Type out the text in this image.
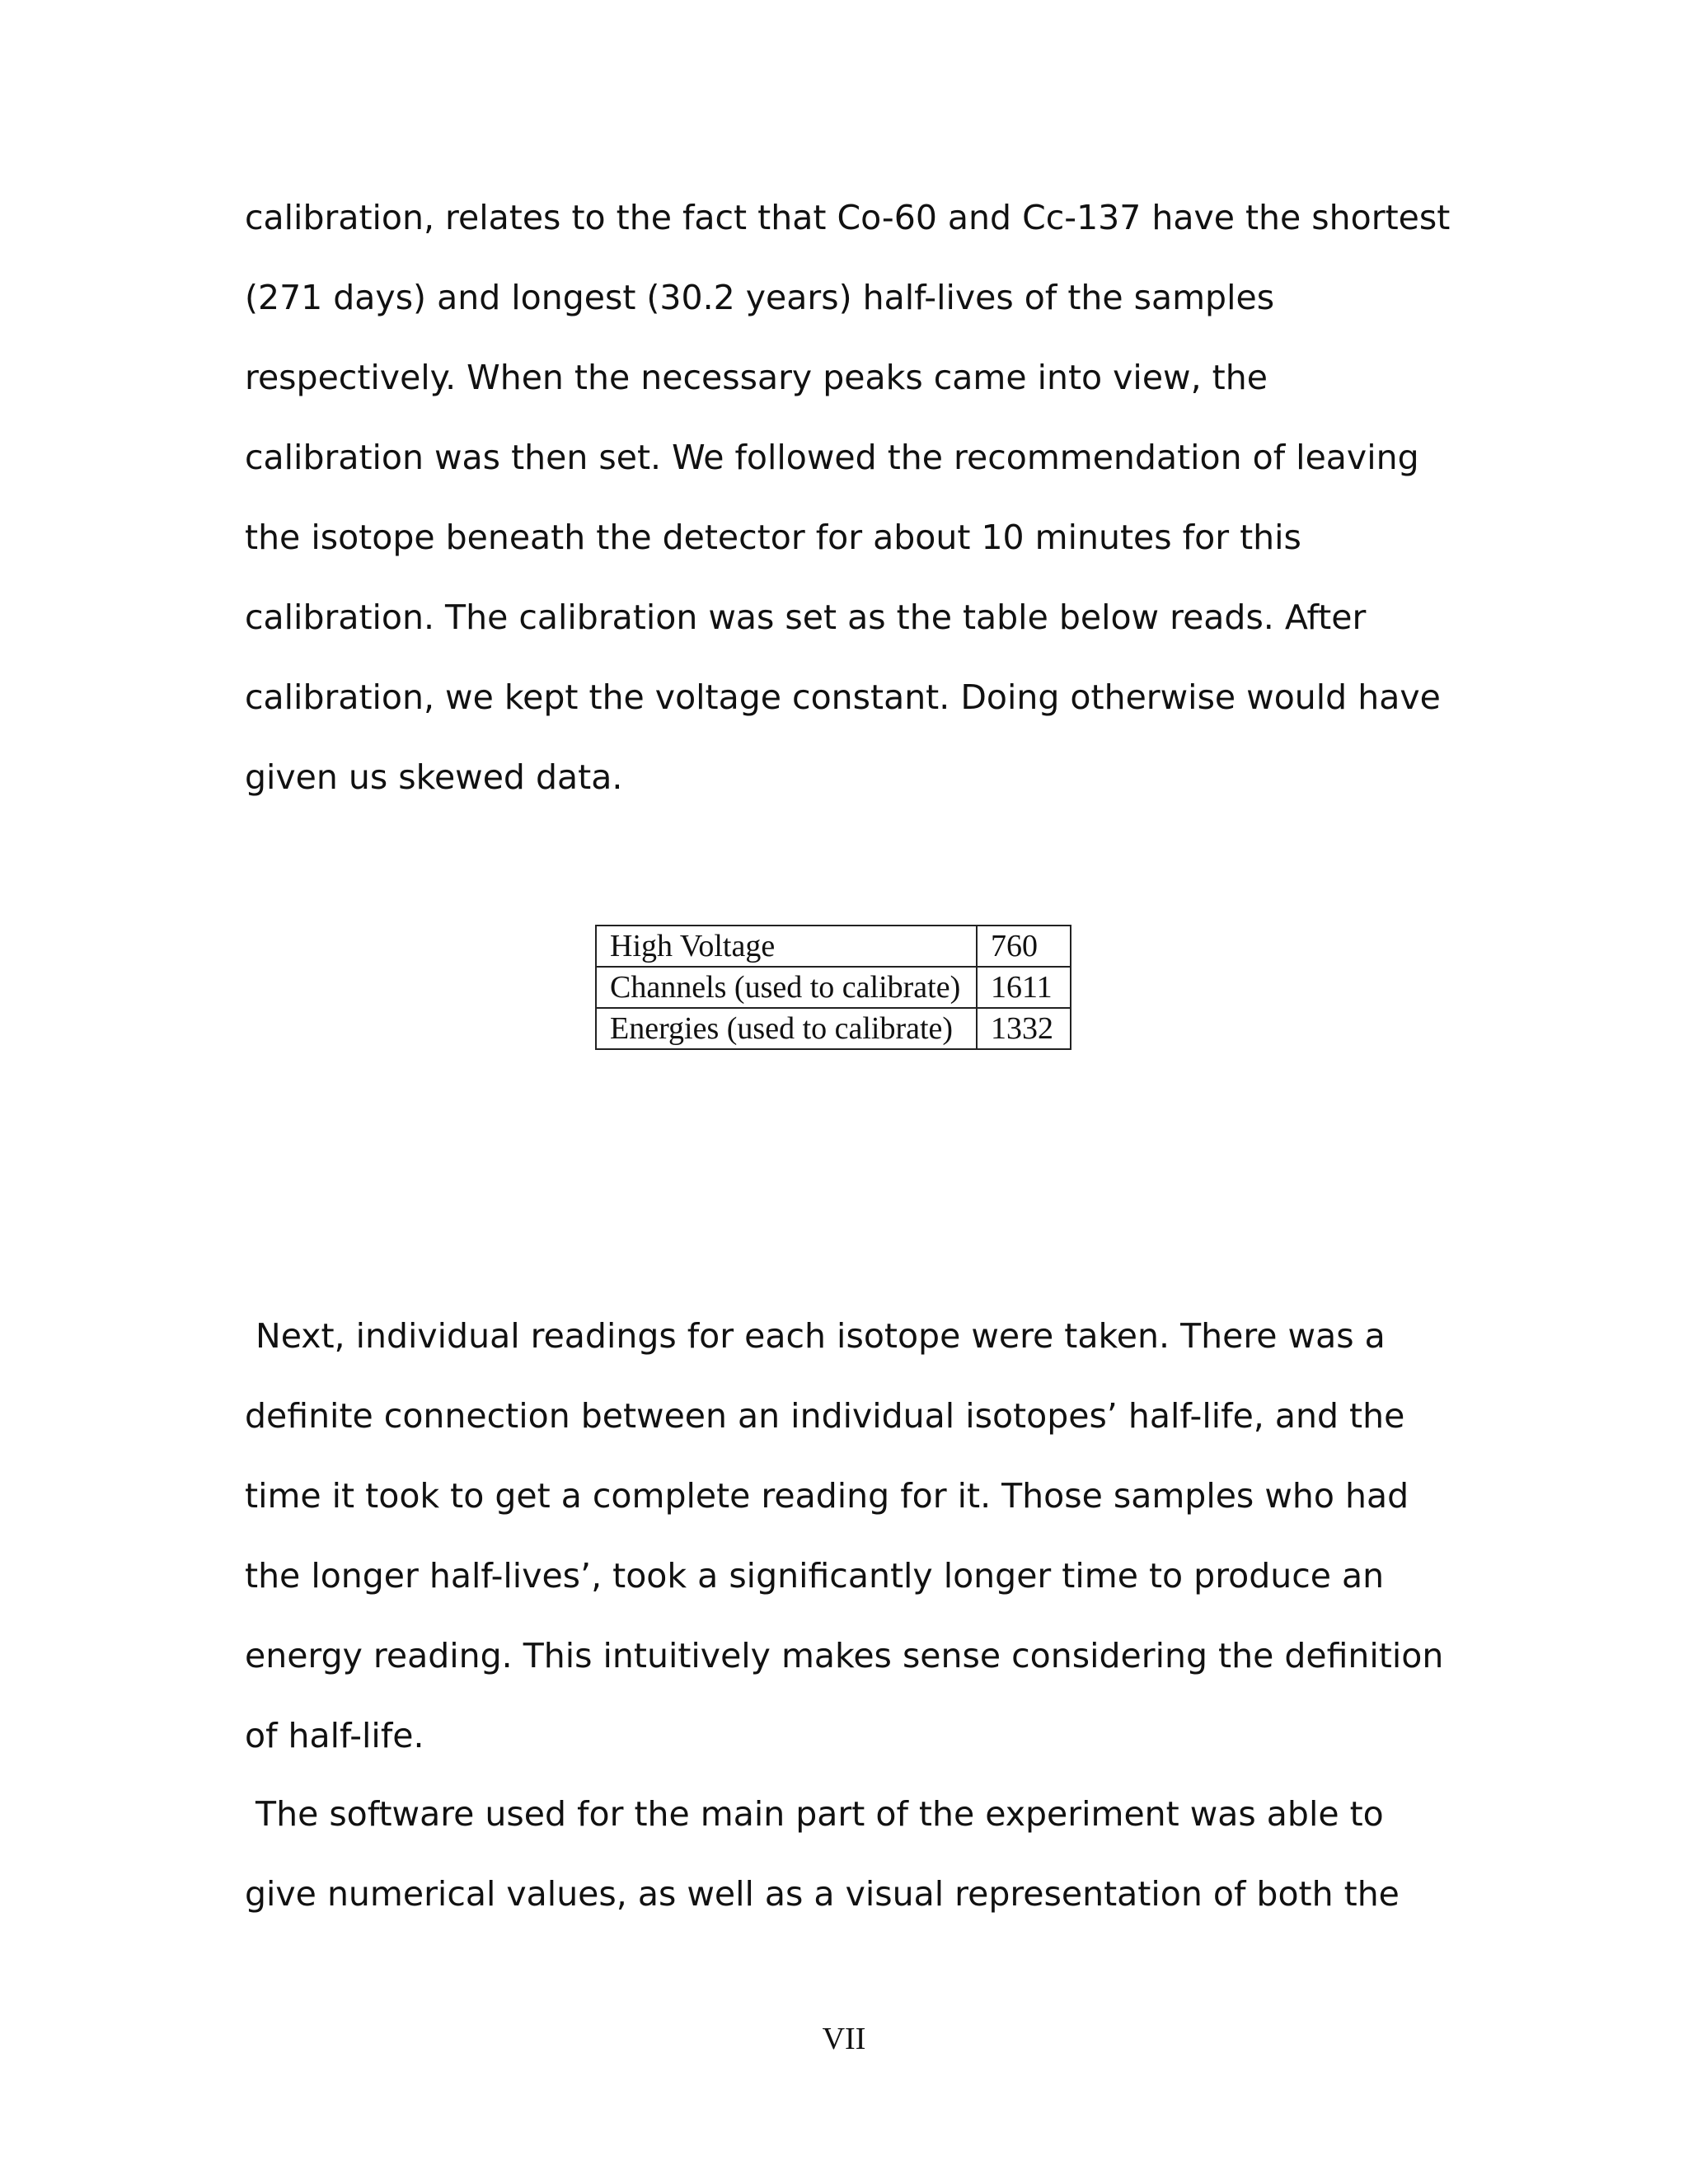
calibration, relates to the fact that Co-60 and Cc-137 have the shortest
(271 days) and longest (30.2 years) half-lives of the samples
respectively. When the necessary peaks came into view, the
calibration was then set. We followed the recommendation of leaving
the isotope beneath the detector for about 10 minutes for this
calibration. The calibration was set as the table below reads. After
calibration, we kept the voltage constant. Doing otherwise would have
given us skewed data.

High Voltage	760
Channels (used to calibrate)	1611
Energies (used to calibrate)	1332

Next, individual readings for each isotope were taken. There was a
definite connection between an individual isotopes’ half-life, and the
time it took to get a complete reading for it. Those samples who had
the longer half-lives’, took a significantly longer time to produce an
energy reading. This intuitively makes sense considering the definition
of half-life.

The software used for the main part of the experiment was able to
give numerical values, as well as a visual representation of both the

VII
